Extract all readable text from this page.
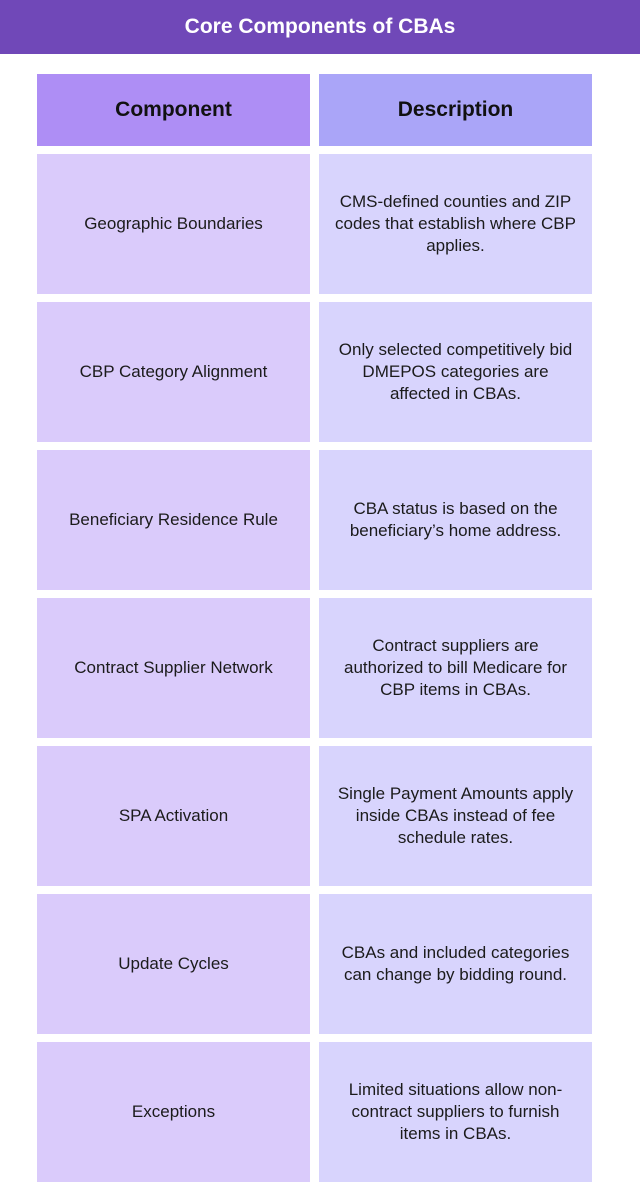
Core Components of CBAs
Component	Description
Geographic Boundaries
CMS-defined counties and ZIP codes that establish where CBP applies.
CBP Category Alignment
Only selected competitively bid DMEPOS categories are affected in CBAs.
Beneficiary Residence Rule
CBA status is based on the beneficiary’s home address.
Contract Supplier Network
Contract suppliers are authorized to bill Medicare for CBP items in CBAs.
SPA Activation
Single Payment Amounts apply inside CBAs instead of fee schedule rates.
Update Cycles
CBAs and included categories can change by bidding round.
Exceptions
Limited situations allow non-contract suppliers to furnish items in CBAs.
